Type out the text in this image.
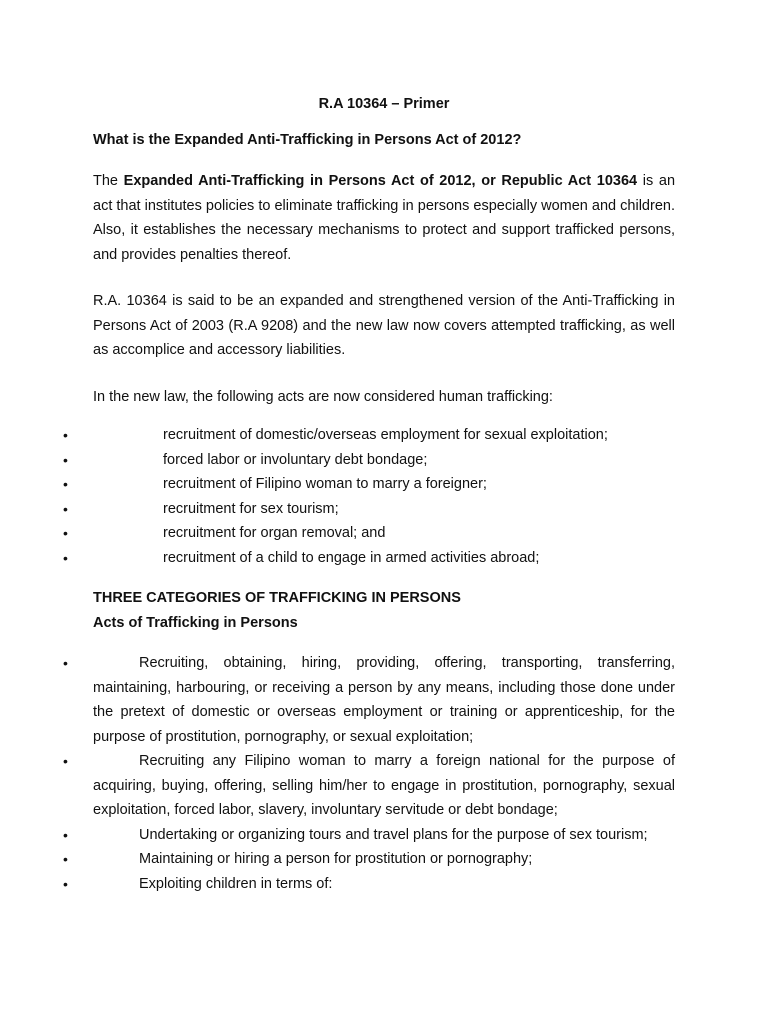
R.A 10364 – Primer
What is the Expanded Anti-Trafficking in Persons Act of 2012?

The Expanded Anti-Trafficking in Persons Act of 2012, or Republic Act 10364 is an act that institutes policies to eliminate trafficking in persons especially women and children. Also, it establishes the necessary mechanisms to protect and support trafficked persons, and provides penalties thereof.

R.A. 10364 is said to be an expanded and strengthened version of the Anti-Trafficking in Persons Act of 2003 (R.A 9208) and the new law now covers attempted trafficking, as well as accomplice and accessory liabilities.

In the new law, the following acts are now considered human trafficking:

•	recruitment of domestic/overseas employment for sexual exploitation;
•	forced labor or involuntary debt bondage;
•	recruitment of Filipino woman to marry a foreigner;
•	recruitment for sex tourism;
•	recruitment for organ removal; and
•	recruitment of a child to engage in armed activities abroad;
THREE CATEGORIES OF TRAFFICKING IN PERSONS
Acts of Trafficking in Persons
•	Recruiting, obtaining, hiring, providing, offering, transporting, transferring, maintaining, harbouring, or receiving a person by any means, including those done under the pretext of domestic or overseas employment or training or apprenticeship, for the purpose of prostitution, pornography, or sexual exploitation;
•	Recruiting any Filipino woman to marry a foreign national for the purpose of acquiring, buying, offering, selling him/her to engage in prostitution, pornography, sexual exploitation, forced labor, slavery, involuntary servitude or debt bondage;
•	Undertaking or organizing tours and travel plans for the purpose of sex tourism;
•	Maintaining or hiring a person for prostitution or pornography;
•	Exploiting children in terms of:
